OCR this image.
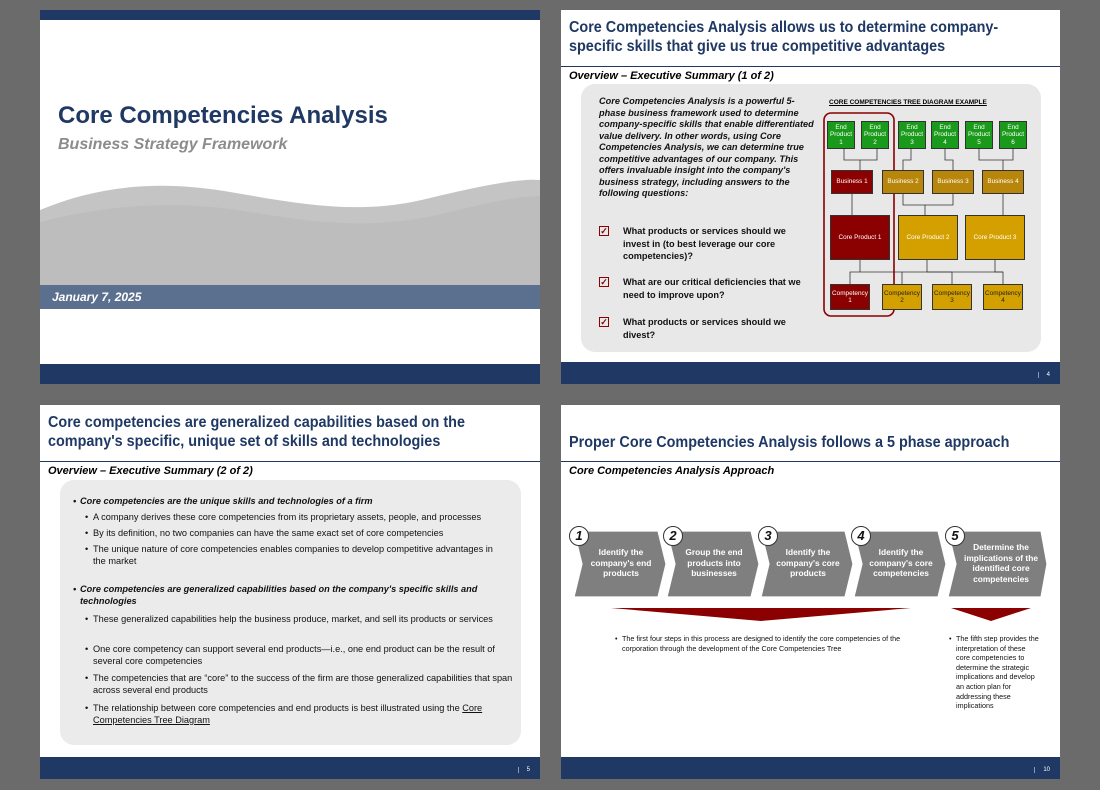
Core Competencies Analysis
Business Strategy Framework
January 7, 2025
Core Competencies Analysis allows us to determine company-specific skills that give us true competitive advantages
Overview – Executive Summary (1 of 2)
Core Competencies Analysis is a powerful 5-phase business framework used to determine company-specific skills that enable differentiated value delivery. In other words, using Core Competencies Analysis, we can determine true competitive advantages of our company. This offers invaluable insight into the company's business strategy, including answers to the following questions:
✓ What products or services should we invest in (to best leverage our core competencies)?
✓ What are our critical deficiencies that we need to improve upon?
✓ What products or services should we divest?
CORE COMPETENCIES TREE DIAGRAM EXAMPLE
End Product 1
End Product 2
End Product 3
End Product 4
End Product 5
End Product 6
Business 1	Business 2	Business 3	Business 4
Core Product 1	Core Product 2	Core Product 3
Competency 1
Competency 2
Competency 3
Competency 4
4
Core competencies are generalized capabilities based on the company's specific, unique set of skills and technologies
Overview – Executive Summary (2 of 2)
• Core competencies are the unique skills and technologies of a firm
• A company derives these core competencies from its proprietary assets, people, and processes
• By its definition, no two companies can have the same exact set of core competencies
• The unique nature of core competencies enables companies to develop competitive advantages in the market
• Core competencies are generalized capabilities based on the company's specific skills and technologies
• These generalized capabilities help the business produce, market, and sell its products or services
• One core competency can support several end products—i.e., one end product can be the result of several core competencies
• The competencies that are “core” to the success of the firm are those generalized capabilities that span across several end products
• The relationship between core competencies and end products is best illustrated using the Core Competencies Tree Diagram
5
Proper Core Competencies Analysis follows a 5 phase approach
Core Competencies Analysis Approach
1	2	3	4	5
Identify the company's end products
Group the end products into businesses
Identify the company's core products
Identify the company's core competencies
Determine the implications of the identified core competencies
• The first four steps in this process are designed to identify the core competencies of the corporation through the development of the Core Competencies Tree
• The fifth step provides the interpretation of these core competencies to determine the strategic implications and develop an action plan for addressing these implications
10
